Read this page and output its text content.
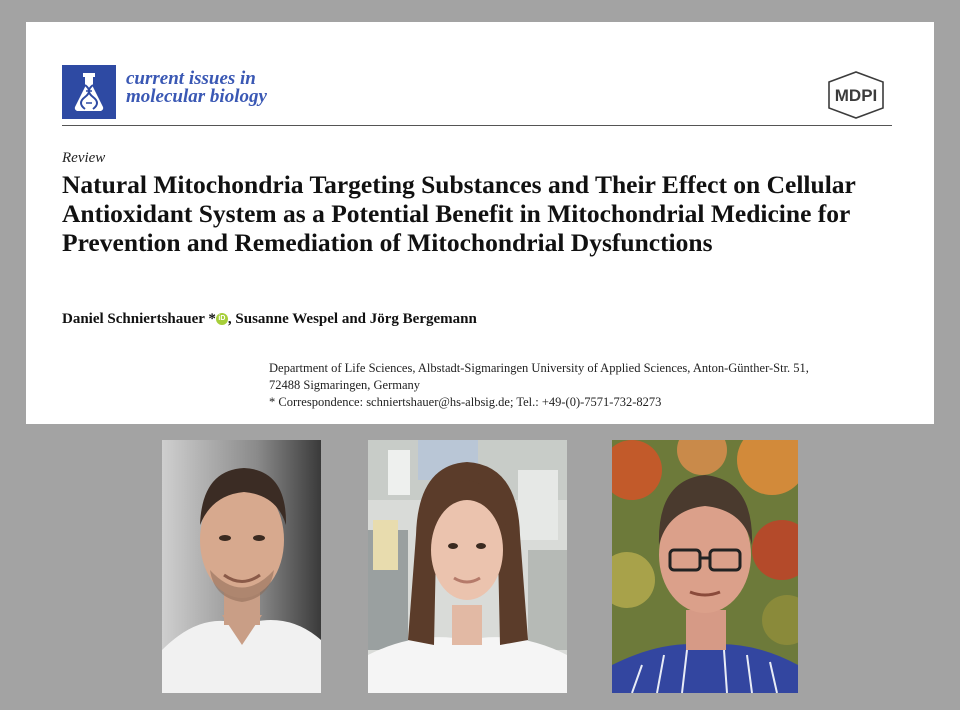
current issues in
molecular biology	MDPI
Review
Natural Mitochondria Targeting Substances and Their Effect on Cellular Antioxidant System as a Potential Benefit in Mitochondrial Medicine for Prevention and Remediation of Mitochondrial Dysfunctions
Daniel Schniertshauer * iD , Susanne Wespel and Jörg Bergemann

Department of Life Sciences, Albstadt-Sigmaringen University of Applied Sciences, Anton-Günther-Str. 51,

72488 Sigmaringen, Germany

* Correspondence: schniertshauer@hs-albsig.de; Tel.: +49-(0)-7571-732-8273
